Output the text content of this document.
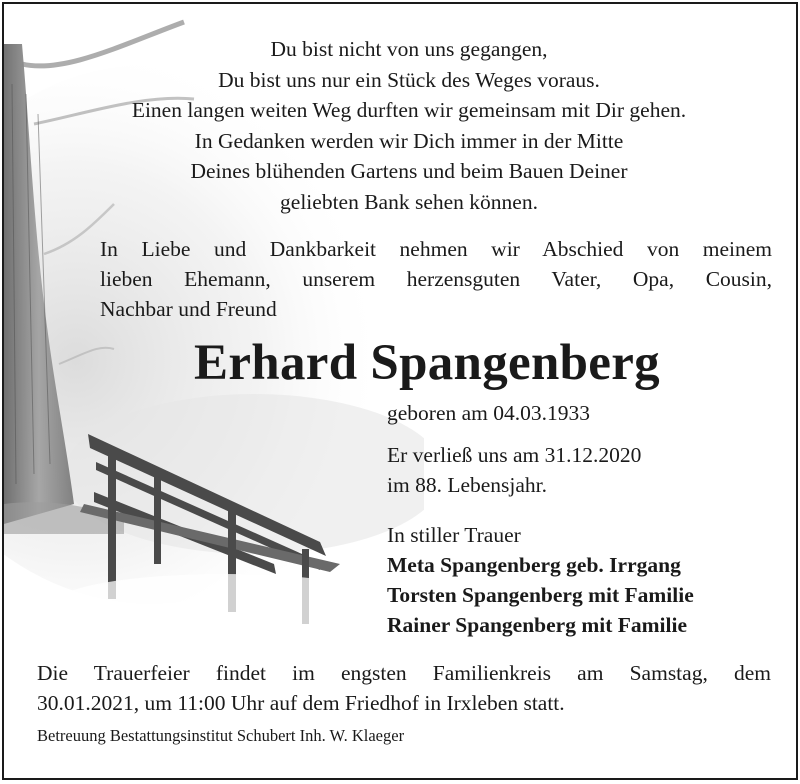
Du bist nicht von uns gegangen,
Du bist uns nur ein Stück des Weges voraus.
Einen langen weiten Weg durften wir gemeinsam mit Dir gehen.
In Gedanken werden wir Dich immer in der Mitte
Deines blühenden Gartens und beim Bauen Deiner
geliebten Bank sehen können.
In Liebe und Dankbarkeit nehmen wir Abschied von meinem
lieben Ehemann, unserem herzensguten Vater, Opa, Cousin,
Nachbar und Freund
Erhard Spangenberg
geboren am 04.03.1933
Er verließ uns am 31.12.2020
im 88. Lebensjahr.
In stiller Trauer
Meta Spangenberg geb. Irrgang
Torsten Spangenberg mit Familie
Rainer Spangenberg mit Familie
Die Trauerfeier findet im engsten Familienkreis am Samstag, dem
30.01.2021, um 11:00 Uhr auf dem Friedhof in Irxleben statt.
Betreuung Bestattungsinstitut Schubert Inh. W. Klaeger
